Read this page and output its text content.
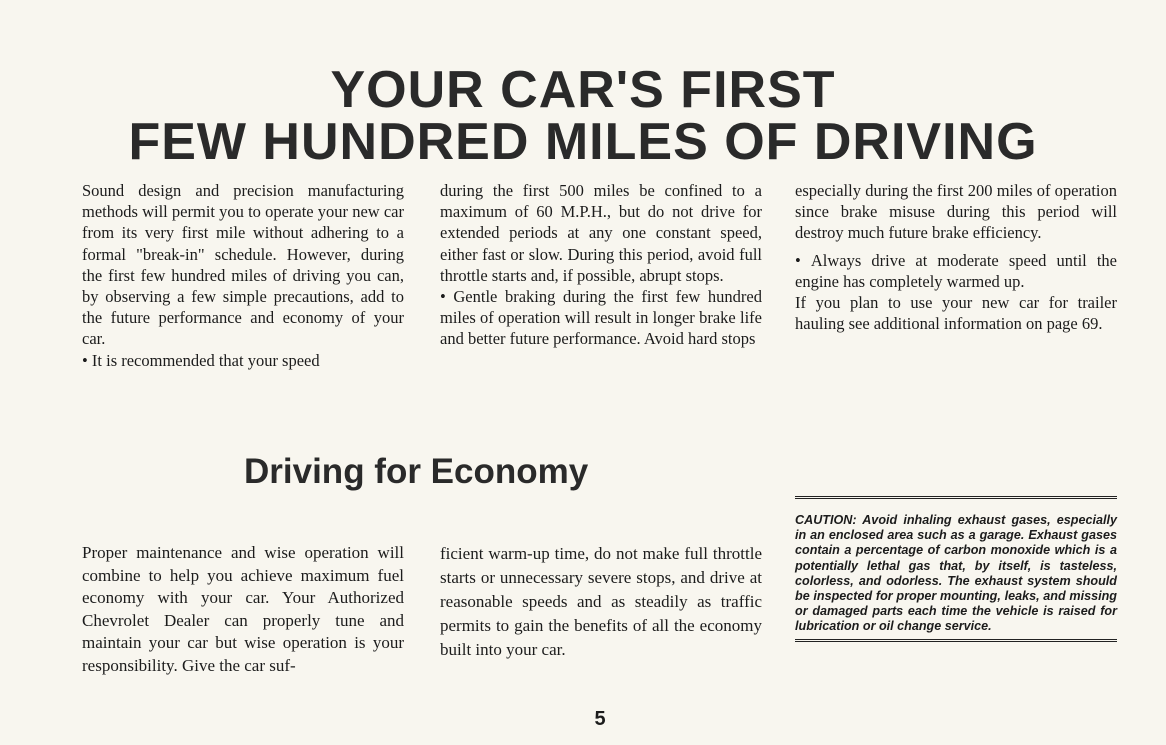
YOUR CAR'S FIRST
FEW HUNDRED MILES OF DRIVING

Sound design and precision manufacturing methods will permit you to operate your new car from its very first mile without adhering to a formal "break-in" schedule. However, during the first few hundred miles of driving you can, by observing a few simple precautions, add to the future performance and economy of your car.

• It is recommended that your speed

during the first 500 miles be confined to a maximum of 60 M.P.H., but do not drive for extended periods at any one constant speed, either fast or slow. During this period, avoid full throttle starts and, if possible, abrupt stops.

• Gentle braking during the first few hundred miles of operation will result in longer brake life and better future performance. Avoid hard stops

especially during the first 200 miles of operation since brake misuse during this period will destroy much future brake efficiency.

• Always drive at moderate speed until the engine has completely warmed up.

If you plan to use your new car for trailer hauling see additional information on page 69.

Driving for Economy

Proper maintenance and wise operation will combine to help you achieve maximum fuel economy with your car. Your Authorized Chevrolet Dealer can properly tune and maintain your car but wise operation is your responsibility. Give the car suf-

ficient warm-up time, do not make full throttle starts or unnecessary severe stops, and drive at reasonable speeds and as steadily as traffic permits to gain the benefits of all the economy built into your car.

CAUTION: Avoid inhaling exhaust gases, especially in an enclosed area such as a garage. Exhaust gases contain a percentage of carbon monoxide which is a potentially lethal gas that, by itself, is tasteless, colorless, and odorless. The exhaust system should be inspected for proper mounting, leaks, and missing or damaged parts each time the vehicle is raised for lubrication or oil change service.
5
